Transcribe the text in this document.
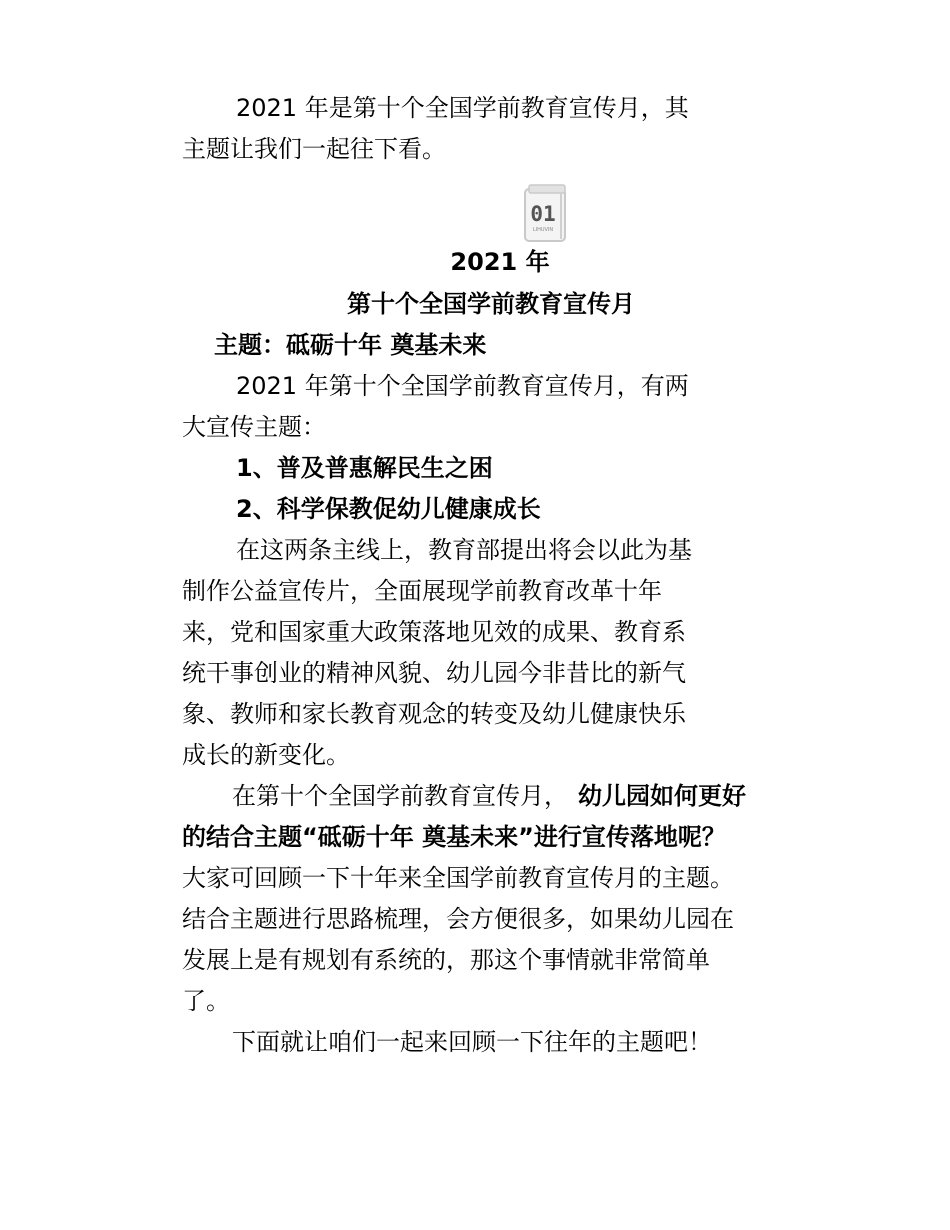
2021 年是第十个全国学前教育宣传月，其
主题让我们一起往下看。
01
LIHUVIN
2021 年
第十个全国学前教育宣传月
主题：砥砺十年 奠基未来
2021 年第十个全国学前教育宣传月，有两
大宣传主题：
1、普及普惠解民生之困
2、科学保教促幼儿健康成长
在这两条主线上，教育部提出将会以此为基
制作公益宣传片，全面展现学前教育改革十年
来，党和国家重大政策落地见效的成果、教育系
统干事创业的精神风貌、幼儿园今非昔比的新气
象、教师和家长教育观念的转变及幼儿健康快乐
成长的新变化。
在第十个全国学前教育宣传月， 幼儿园如何更好
的结合主题“砥砺十年 奠基未来”进行宣传落地呢？
大家可回顾一下十年来全国学前教育宣传月的主题。
结合主题进行思路梳理，会方便很多，如果幼儿园在
发展上是有规划有系统的，那这个事情就非常简单
了。
下面就让咱们一起来回顾一下往年的主题吧！
